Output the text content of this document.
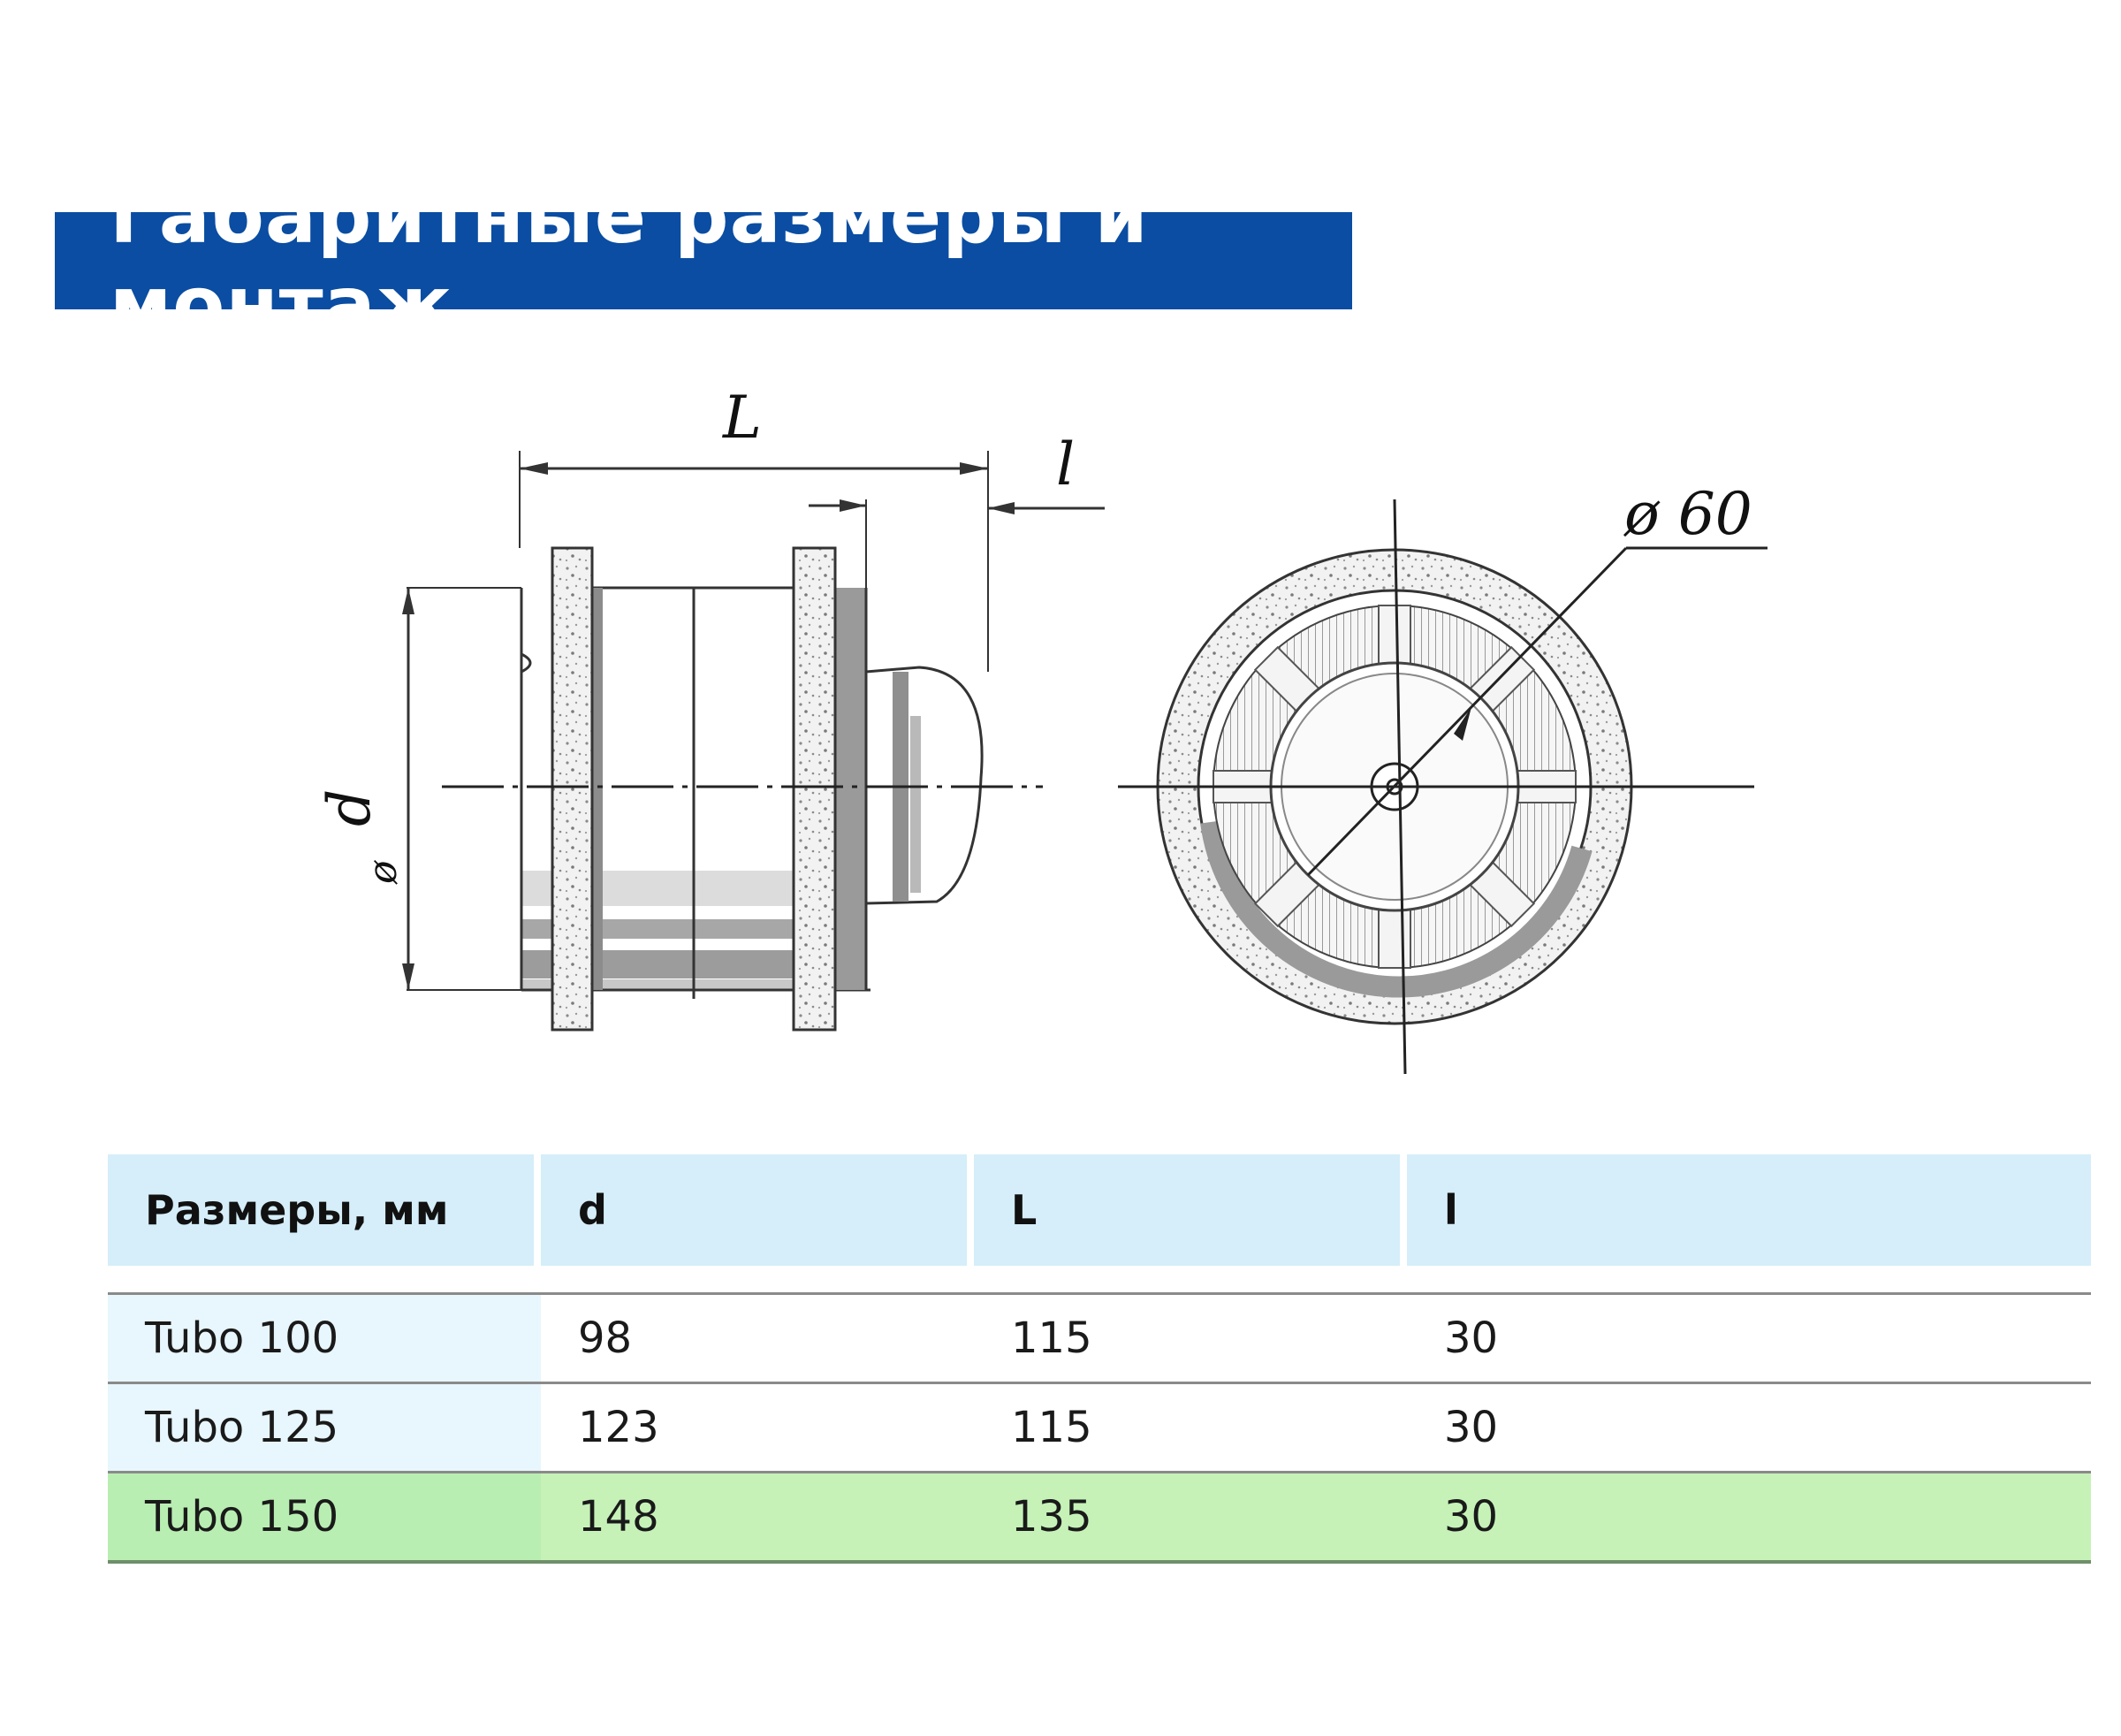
Габаритные размеры и монтаж
L
l
d
ø
ø 60
Размеры, мм	d	L	l
Tubo 100	98	115	30
Tubo 125	123	115	30
Tubo 150	148	135	30
